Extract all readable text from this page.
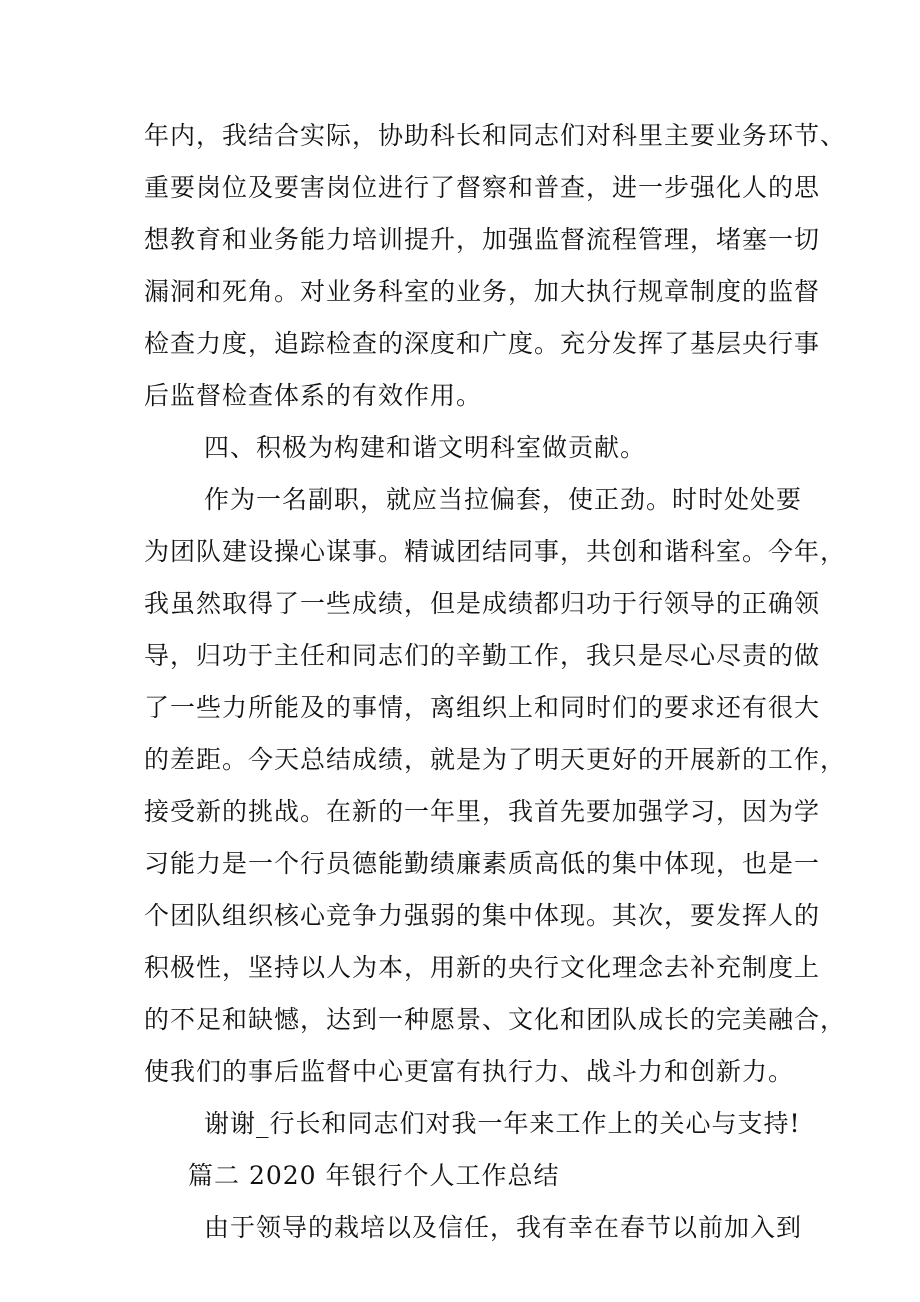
年内，我结合实际，协助科长和同志们对科里主要业务环节、
重要岗位及要害岗位进行了督察和普查，进一步强化人的思
想教育和业务能力培训提升，加强监督流程管理，堵塞一切
漏洞和死角。对业务科室的业务，加大执行规章制度的监督
检查力度，追踪检查的深度和广度。充分发挥了基层央行事
后监督检查体系的有效作用。
四、积极为构建和谐文明科室做贡献。
作为一名副职，就应当拉偏套，使正劲。时时处处要
为团队建设操心谋事。精诚团结同事，共创和谐科室。今年，
我虽然取得了一些成绩，但是成绩都归功于行领导的正确领
导，归功于主任和同志们的辛勤工作，我只是尽心尽责的做
了一些力所能及的事情，离组织上和同时们的要求还有很大
的差距。今天总结成绩，就是为了明天更好的开展新的工作，
接受新的挑战。在新的一年里，我首先要加强学习，因为学
习能力是一个行员德能勤绩廉素质高低的集中体现，也是一
个团队组织核心竞争力强弱的集中体现。其次，要发挥人的
积极性，坚持以人为本，用新的央行文化理念去补充制度上
的不足和缺憾，达到一种愿景、文化和团队成长的完美融合，
使我们的事后监督中心更富有执行力、战斗力和创新力。
谢谢_行长和同志们对我一年来工作上的关心与支持!
篇二 2020 年银行个人工作总结
由于领导的栽培以及信任，我有幸在春节以前加入到
